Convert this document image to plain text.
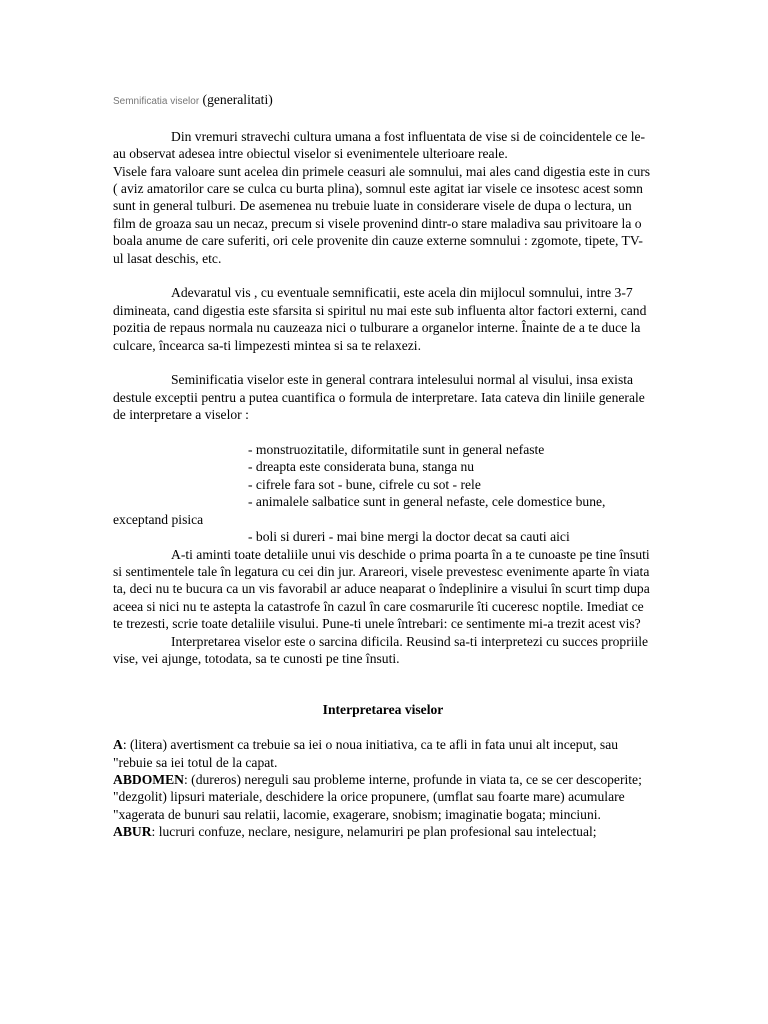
Semnificatia viselor (generalitati)

Din vremuri stravechi cultura umana a fost influentata de vise si de coincidentele ce le-au observat adesea intre obiectul viselor si evenimentele ulterioare reale.

Visele fara valoare sunt acelea din primele ceasuri ale somnului, mai ales cand digestia este in curs ( aviz amatorilor care se culca cu burta plina), somnul este agitat iar visele ce insotesc acest somn sunt in general tulburi. De asemenea nu trebuie luate in considerare visele de dupa o lectura, un film de groaza sau un necaz, precum si visele provenind dintr-o stare maladiva sau privitoare la o boala anume de care suferiti, ori cele provenite din cauze externe somnului : zgomote, tipete, TV-ul lasat deschis, etc.

Adevaratul vis , cu eventuale semnificatii, este acela din mijlocul somnului, intre 3-7 dimineata, cand digestia este sfarsita si spiritul nu mai este sub influenta altor factori externi, cand pozitia de repaus normala nu cauzeaza nici o tulburare a organelor interne. Înainte de a te duce la culcare, încearca sa-ti limpezesti mintea si sa te relaxezi.

Seminificatia viselor este in general contrara intelesului normal al visului, insa exista destule exceptii pentru a putea cuantifica o formula de interpretare. Iata cateva din liniile generale de interpretare a viselor :

- monstruozitatile, diformitatile sunt in general nefaste

- dreapta este considerata buna, stanga nu

- cifrele fara sot - bune, cifrele cu sot - rele

- animalele salbatice sunt in general nefaste, cele domestice bune,

exceptand pisica

- boli si dureri - mai bine mergi la doctor decat sa cauti aici

A-ti aminti toate detaliile unui vis deschide o prima poarta în a te cunoaste pe tine însuti si sentimentele tale în legatura cu cei din jur. Arareori, visele prevestesc evenimente aparte în viata ta, deci nu te bucura ca un vis favorabil ar aduce neaparat o îndeplinire a visului în scurt timp dupa aceea si nici nu te astepta la catastrofe în cazul în care cosmarurile îti cuceresc noptile. Imediat ce te trezesti, scrie toate detaliile visului. Pune-ti unele întrebari: ce sentimente mi-a trezit acest vis?

Interpretarea viselor este o sarcina dificila. Reusind sa-ti interpretezi cu succes propriile vise, vei ajunge, totodata, sa te cunosti pe tine însuti.

Interpretarea viselor

A: (litera) avertisment ca trebuie sa iei o noua initiativa, ca te afli in fata unui alt inceput, sau "rebuie sa iei totul de la capat.

ABDOMEN: (dureros) nereguli sau probleme interne, profunde in viata ta, ce se cer descoperite; "dezgolit) lipsuri materiale, deschidere la orice propunere, (umflat sau foarte mare) acumulare "xagerata de bunuri sau relatii, lacomie, exagerare, snobism; imaginatie bogata; minciuni.

ABUR: lucruri confuze, neclare, nesigure, nelamuriri pe plan profesional sau intelectual;
